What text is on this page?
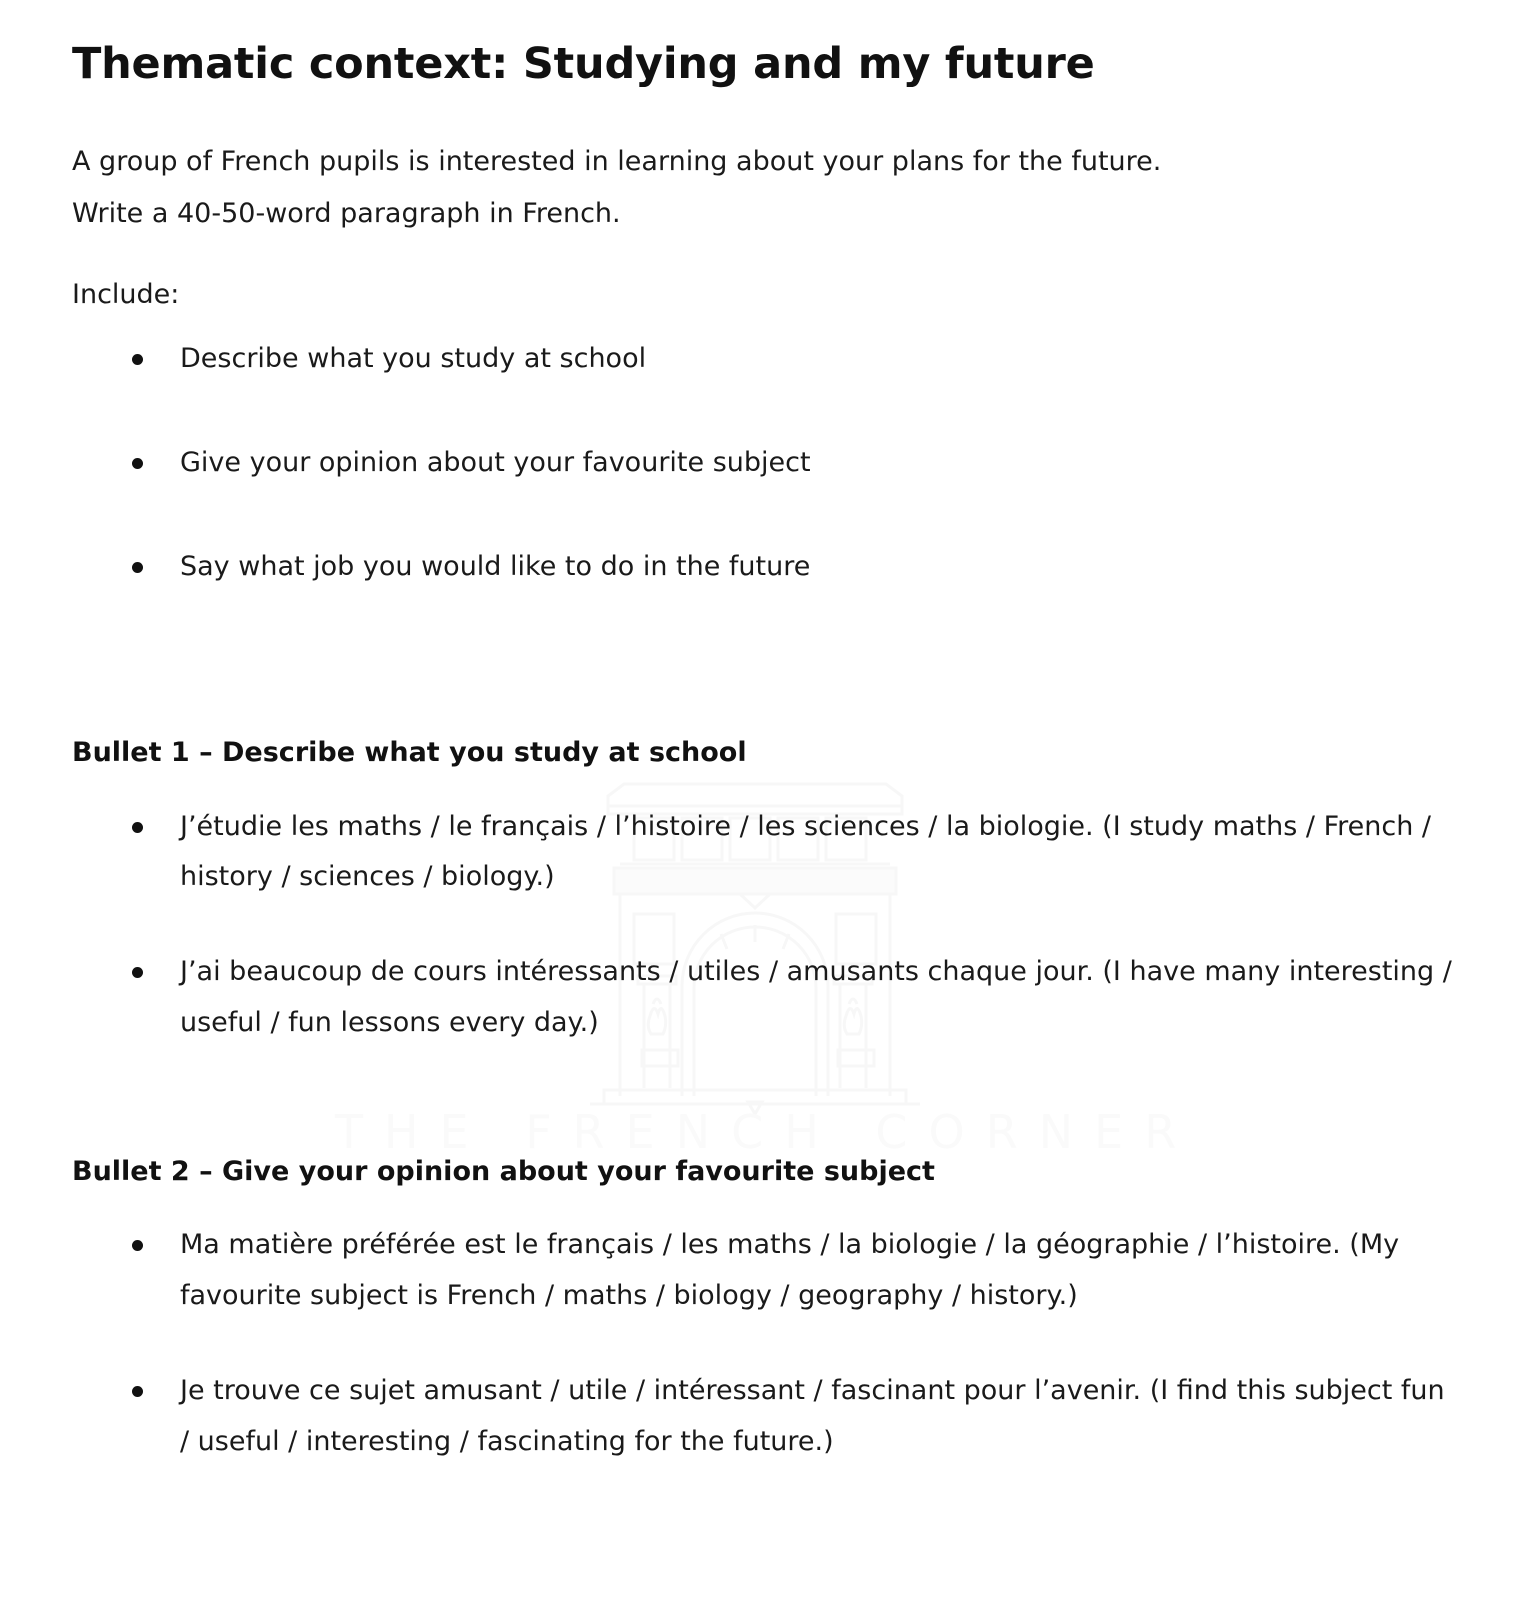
THE FRENCH CORNER
Thematic context: Studying and my future
A group of French pupils is interested in learning about your plans for the future.
Write a 40-50-word paragraph in French.
Include:
Describe what you study at school
Give your opinion about your favourite subject
Say what job you would like to do in the future
Bullet 1 – Describe what you study at school
J’étudie les maths / le français / l’histoire / les sciences / la biologie. (I study maths / French / history / sciences / biology.)
J’ai beaucoup de cours intéressants / utiles / amusants chaque jour. (I have many interesting / useful / fun lessons every day.)
Bullet 2 – Give your opinion about your favourite subject
Ma matière préférée est le français / les maths / la biologie / la géographie / l’histoire. (My favourite subject is French / maths / biology / geography / history.)
Je trouve ce sujet amusant / utile / intéressant / fascinant pour l’avenir. (I find this subject fun / useful / interesting / fascinating for the future.)
